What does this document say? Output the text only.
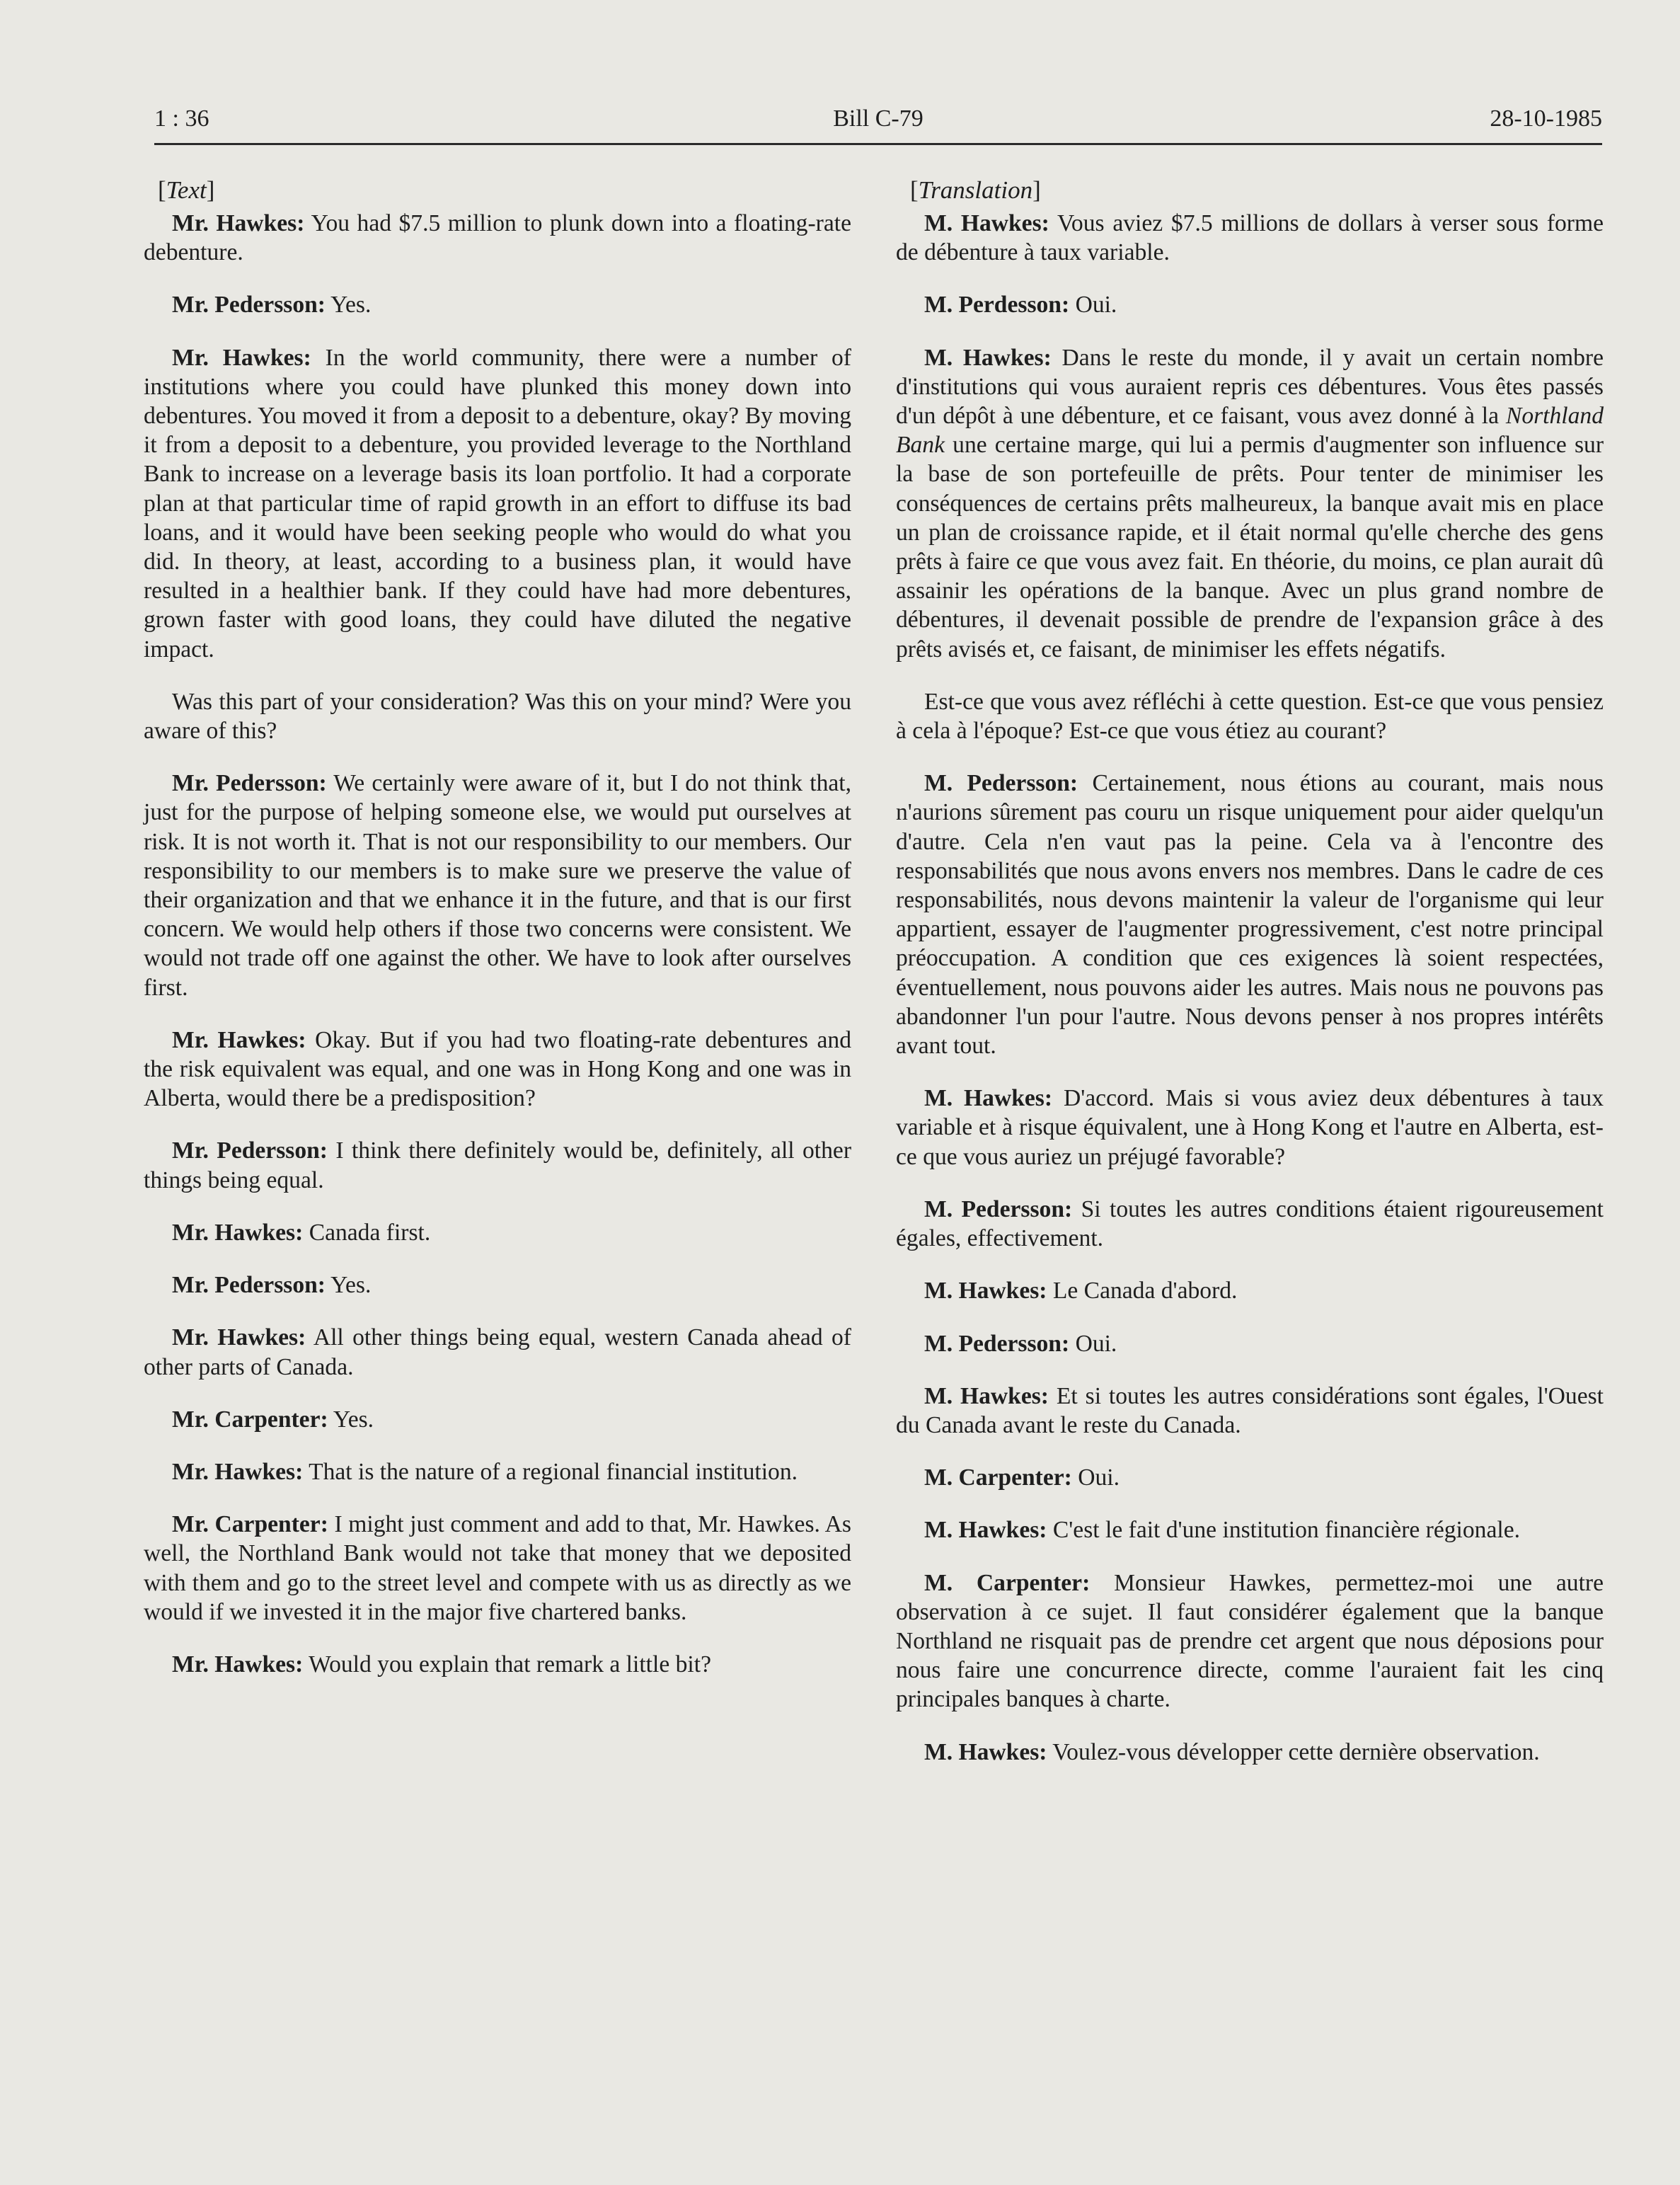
1 : 36	Bill C-79	28-10-1985
[Text]

Mr. Hawkes: You had $7.5 million to plunk down into a floating-rate debenture.

Mr. Pedersson: Yes.

Mr. Hawkes: In the world community, there were a number of institutions where you could have plunked this money down into debentures. You moved it from a deposit to a debenture, okay? By moving it from a deposit to a debenture, you provided leverage to the Northland Bank to increase on a leverage basis its loan portfolio. It had a corporate plan at that particular time of rapid growth in an effort to diffuse its bad loans, and it would have been seeking people who would do what you did. In theory, at least, according to a business plan, it would have resulted in a healthier bank. If they could have had more debentures, grown faster with good loans, they could have diluted the negative impact.

Was this part of your consideration? Was this on your mind? Were you aware of this?

Mr. Pedersson: We certainly were aware of it, but I do not think that, just for the purpose of helping someone else, we would put ourselves at risk. It is not worth it. That is not our responsibility to our members. Our responsibility to our members is to make sure we preserve the value of their organization and that we enhance it in the future, and that is our first concern. We would help others if those two concerns were consistent. We would not trade off one against the other. We have to look after ourselves first.

Mr. Hawkes: Okay. But if you had two floating-rate debentures and the risk equivalent was equal, and one was in Hong Kong and one was in Alberta, would there be a predisposition?

Mr. Pedersson: I think there definitely would be, definitely, all other things being equal.

Mr. Hawkes: Canada first.

Mr. Pedersson: Yes.

Mr. Hawkes: All other things being equal, western Canada ahead of other parts of Canada.

Mr. Carpenter: Yes.

Mr. Hawkes: That is the nature of a regional financial institution.

Mr. Carpenter: I might just comment and add to that, Mr. Hawkes. As well, the Northland Bank would not take that money that we deposited with them and go to the street level and compete with us as directly as we would if we invested it in the major five chartered banks.

Mr. Hawkes: Would you explain that remark a little bit?

[Translation]

M. Hawkes: Vous aviez $7.5 millions de dollars à verser sous forme de débenture à taux variable.

M. Perdesson: Oui.

M. Hawkes: Dans le reste du monde, il y avait un certain nombre d'institutions qui vous auraient repris ces débentures. Vous êtes passés d'un dépôt à une débenture, et ce faisant, vous avez donné à la Northland Bank une certaine marge, qui lui a permis d'augmenter son influence sur la base de son portefeuille de prêts. Pour tenter de minimiser les conséquences de certains prêts malheureux, la banque avait mis en place un plan de croissance rapide, et il était normal qu'elle cherche des gens prêts à faire ce que vous avez fait. En théorie, du moins, ce plan aurait dû assainir les opérations de la banque. Avec un plus grand nombre de débentures, il devenait possible de prendre de l'expansion grâce à des prêts avisés et, ce faisant, de minimiser les effets négatifs.

Est-ce que vous avez réfléchi à cette question. Est-ce que vous pensiez à cela à l'époque? Est-ce que vous étiez au courant?

M. Pedersson: Certainement, nous étions au courant, mais nous n'aurions sûrement pas couru un risque uniquement pour aider quelqu'un d'autre. Cela n'en vaut pas la peine. Cela va à l'encontre des responsabilités que nous avons envers nos membres. Dans le cadre de ces responsabilités, nous devons maintenir la valeur de l'organisme qui leur appartient, essayer de l'augmenter progressivement, c'est notre principal préoccupation. A condition que ces exigences là soient respectées, éventuellement, nous pouvons aider les autres. Mais nous ne pouvons pas abandonner l'un pour l'autre. Nous devons penser à nos propres intérêts avant tout.

M. Hawkes: D'accord. Mais si vous aviez deux débentures à taux variable et à risque équivalent, une à Hong Kong et l'autre en Alberta, est-ce que vous auriez un préjugé favorable?

M. Pedersson: Si toutes les autres conditions étaient rigoureusement égales, effectivement.

M. Hawkes: Le Canada d'abord.

M. Pedersson: Oui.

M. Hawkes: Et si toutes les autres considérations sont égales, l'Ouest du Canada avant le reste du Canada.

M. Carpenter: Oui.

M. Hawkes: C'est le fait d'une institution financière régionale.

M. Carpenter: Monsieur Hawkes, permettez-moi une autre observation à ce sujet. Il faut considérer également que la banque Northland ne risquait pas de prendre cet argent que nous déposions pour nous faire une concurrence directe, comme l'auraient fait les cinq principales banques à charte.

M. Hawkes: Voulez-vous développer cette dernière observation.
